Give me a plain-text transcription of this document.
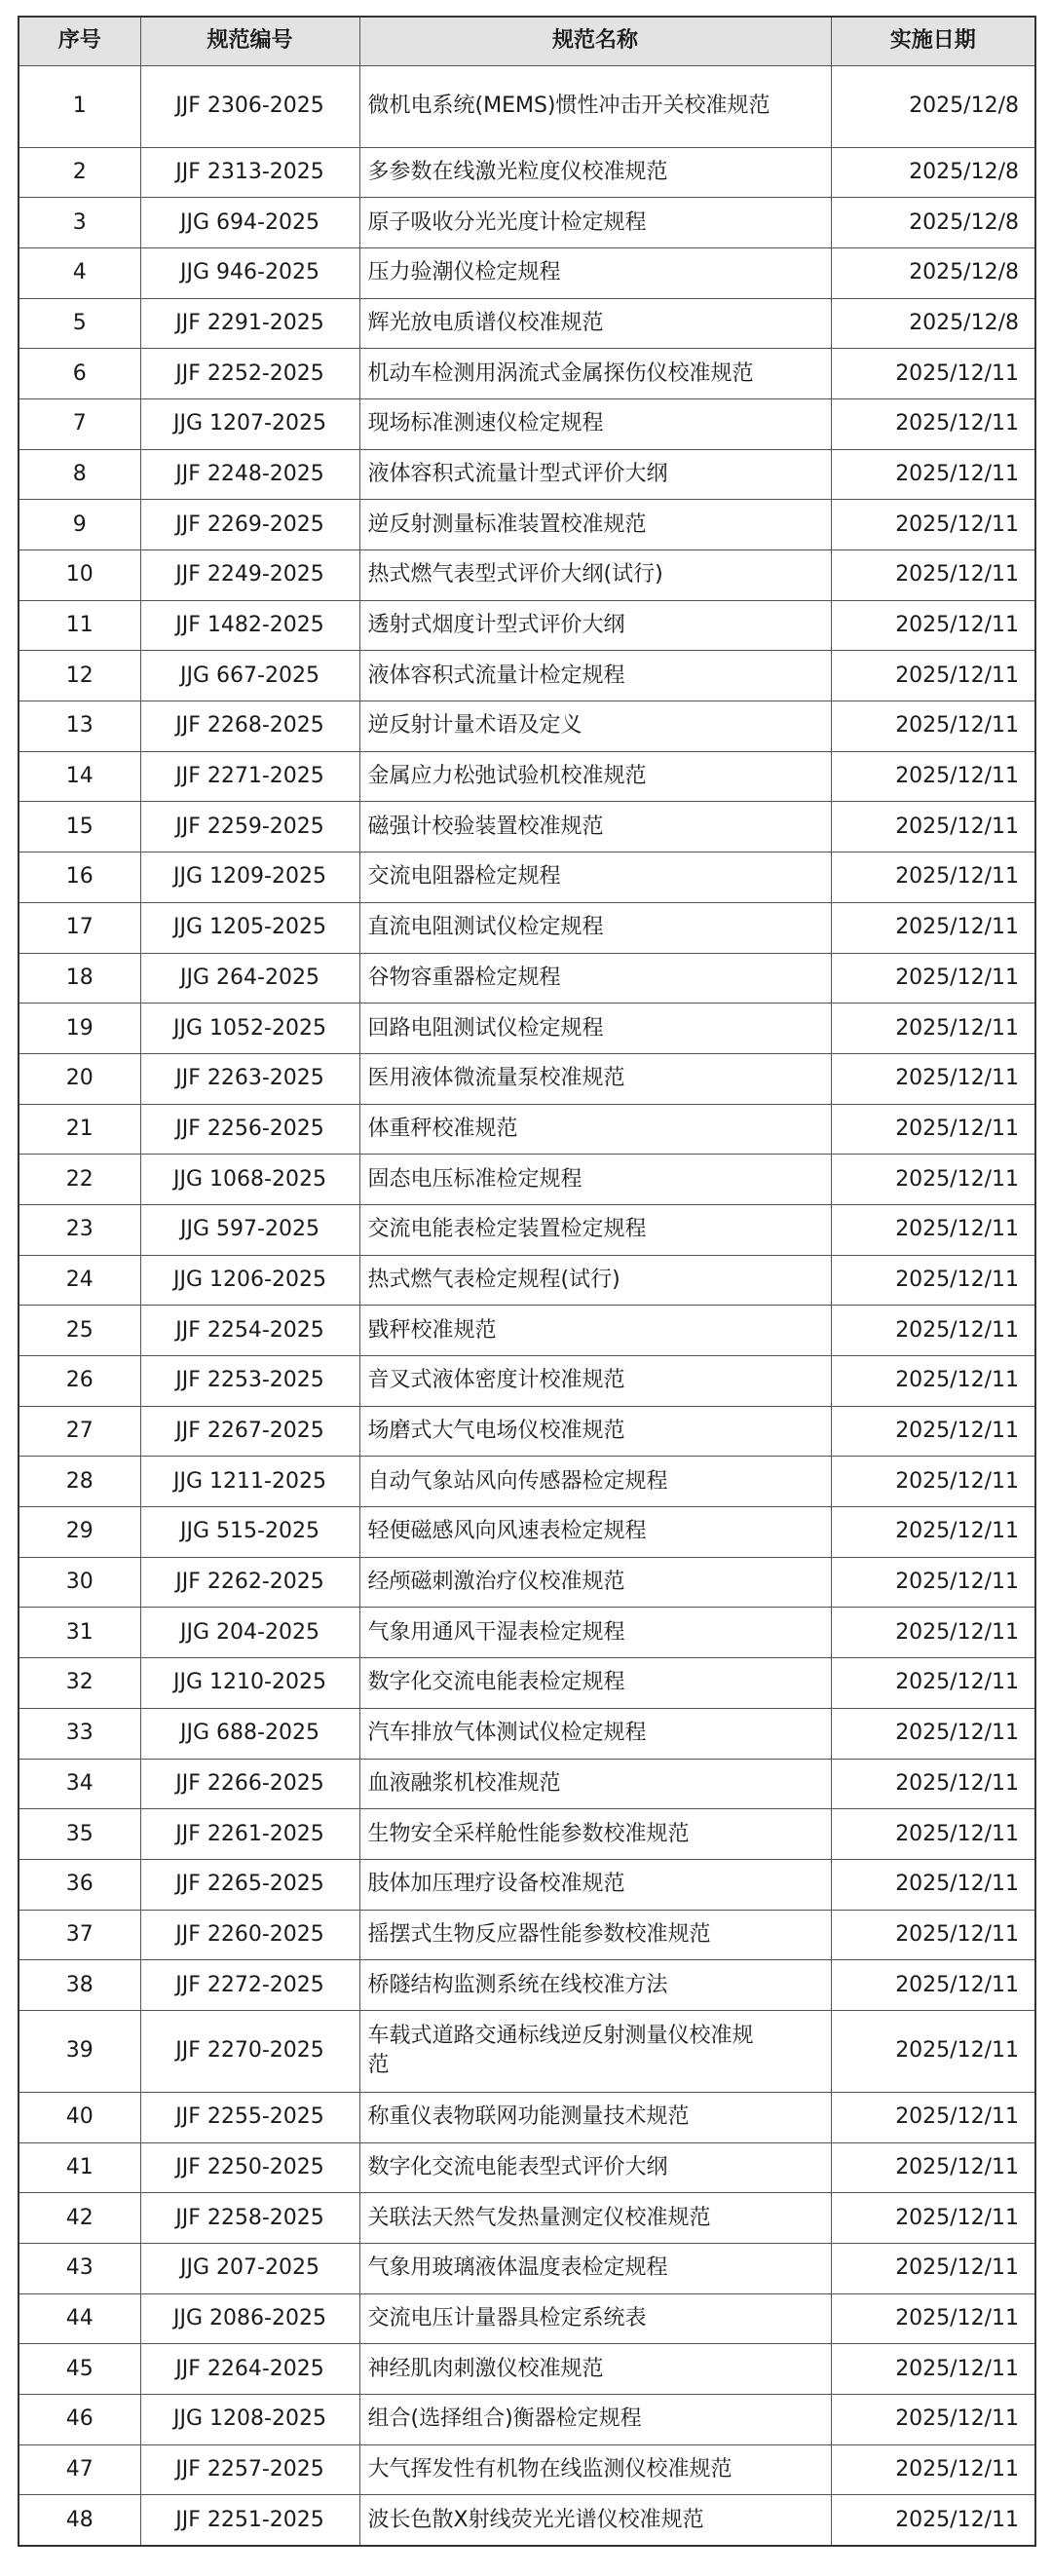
序号	规范编号	规范名称	实施日期
1	JJF 2306-2025	微机电系统(MEMS)惯性冲击开关校准规范	2025/12/8
2	JJF 2313-2025	多参数在线激光粒度仪校准规范	2025/12/8
3	JJG 694-2025	原子吸收分光光度计检定规程	2025/12/8
4	JJG 946-2025	压力验潮仪检定规程	2025/12/8
5	JJF 2291-2025	辉光放电质谱仪校准规范	2025/12/8
6	JJF 2252-2025	机动车检测用涡流式金属探伤仪校准规范	2025/12/11
7	JJG 1207-2025	现场标准测速仪检定规程	2025/12/11
8	JJF 2248-2025	液体容积式流量计型式评价大纲	2025/12/11
9	JJF 2269-2025	逆反射测量标准装置校准规范	2025/12/11
10	JJF 2249-2025	热式燃气表型式评价大纲(试行)	2025/12/11
11	JJF 1482-2025	透射式烟度计型式评价大纲	2025/12/11
12	JJG 667-2025	液体容积式流量计检定规程	2025/12/11
13	JJF 2268-2025	逆反射计量术语及定义	2025/12/11
14	JJF 2271-2025	金属应力松弛试验机校准规范	2025/12/11
15	JJF 2259-2025	磁强计校验装置校准规范	2025/12/11
16	JJG 1209-2025	交流电阻器检定规程	2025/12/11
17	JJG 1205-2025	直流电阻测试仪检定规程	2025/12/11
18	JJG 264-2025	谷物容重器检定规程	2025/12/11
19	JJG 1052-2025	回路电阻测试仪检定规程	2025/12/11
20	JJF 2263-2025	医用液体微流量泵校准规范	2025/12/11
21	JJF 2256-2025	体重秤校准规范	2025/12/11
22	JJG 1068-2025	固态电压标准检定规程	2025/12/11
23	JJG 597-2025	交流电能表检定装置检定规程	2025/12/11
24	JJG 1206-2025	热式燃气表检定规程(试行)	2025/12/11
25	JJF 2254-2025	戥秤校准规范	2025/12/11
26	JJF 2253-2025	音叉式液体密度计校准规范	2025/12/11
27	JJF 2267-2025	场磨式大气电场仪校准规范	2025/12/11
28	JJG 1211-2025	自动气象站风向传感器检定规程	2025/12/11
29	JJG 515-2025	轻便磁感风向风速表检定规程	2025/12/11
30	JJF 2262-2025	经颅磁刺激治疗仪校准规范	2025/12/11
31	JJG 204-2025	气象用通风干湿表检定规程	2025/12/11
32	JJG 1210-2025	数字化交流电能表检定规程	2025/12/11
33	JJG 688-2025	汽车排放气体测试仪检定规程	2025/12/11
34	JJF 2266-2025	血液融浆机校准规范	2025/12/11
35	JJF 2261-2025	生物安全采样舱性能参数校准规范	2025/12/11
36	JJF 2265-2025	肢体加压理疗设备校准规范	2025/12/11
37	JJF 2260-2025	摇摆式生物反应器性能参数校准规范	2025/12/11
38	JJF 2272-2025	桥隧结构监测系统在线校准方法	2025/12/11
39	JJF 2270-2025	车载式道路交通标线逆反射测量仪校准规范	2025/12/11
40	JJF 2255-2025	称重仪表物联网功能测量技术规范	2025/12/11
41	JJF 2250-2025	数字化交流电能表型式评价大纲	2025/12/11
42	JJF 2258-2025	关联法天然气发热量测定仪校准规范	2025/12/11
43	JJG 207-2025	气象用玻璃液体温度表检定规程	2025/12/11
44	JJG 2086-2025	交流电压计量器具检定系统表	2025/12/11
45	JJF 2264-2025	神经肌肉刺激仪校准规范	2025/12/11
46	JJG 1208-2025	组合(选择组合)衡器检定规程	2025/12/11
47	JJF 2257-2025	大气挥发性有机物在线监测仪校准规范	2025/12/11
48	JJF 2251-2025	波长色散X射线荧光光谱仪校准规范	2025/12/11
